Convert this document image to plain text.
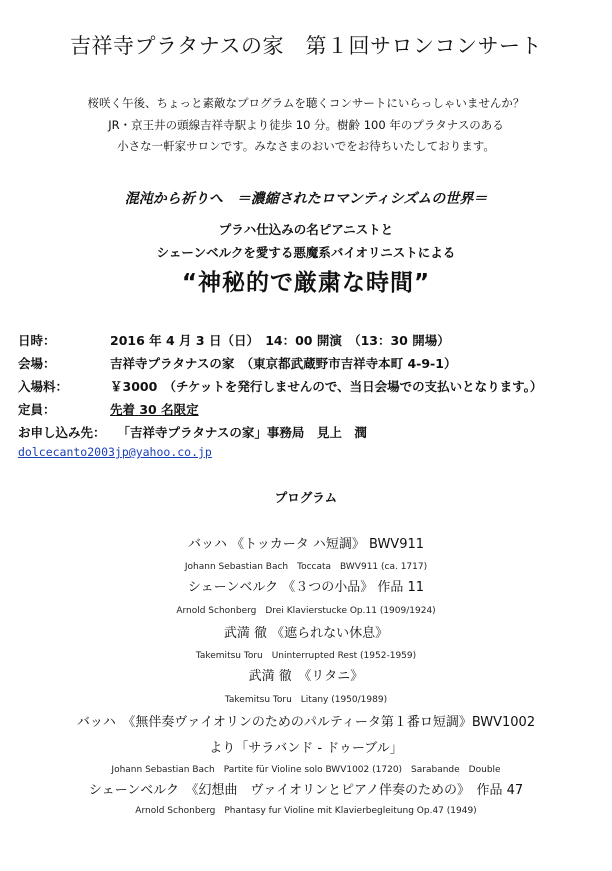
吉祥寺プラタナスの家　第１回サロンコンサート
桜咲く午後、ちょっと素敵なプログラムを聴くコンサートにいらっしゃいませんか？
JR・京王井の頭線吉祥寺駅より徒歩 10 分。樹齢 100 年のプラタナスのある
小さな一軒家サロンです。みなさまのおいでをお待ちいたしております。
混沌から祈りへ　＝濃縮されたロマンティシズムの世界＝
プラハ仕込みの名ピアニストと
シェーンベルクを愛する悪魔系バイオリニストによる
“神秘的で厳粛な時間”
日時：	2016 年 4 月 3 日（日）　14：00 開演　（13：30 開場）
会場：	吉祥寺プラタナスの家　（東京都武蔵野市吉祥寺本町 4-9-1）
入場料：	￥3000　（チケットを発行しませんので、当日会場での支払いとなります。）
定員：	先着 30 名限定
お申し込み先： 「吉祥寺プラタナスの家」事務局　見上　潤
dolcecanto2003jp@yahoo.co.jp
プログラム
バッハ 《トッカータ ハ短調》 BWV911
Johann Sebastian Bach　Toccata　BWV911 (ca. 1717)
シェーンベルク 《３つの小品》 作品 11
Arnold Schonberg　Drei Klavierstucke Op.11 (1909/1924)
武満 徹 《遮られない休息》
Takemitsu Toru　Uninterrupted Rest (1952-1959)
武満 徹　《リタニ》
Takemitsu Toru　Litany (1950/1989)
バッハ　《無伴奏ヴァイオリンのためのパルティータ第１番ロ短調》BWV1002
より「サラバンド - ドゥーブル」
Johann Sebastian Bach　Partite für Violine solo BWV1002 (1720)　Sarabande　Double
シェーンベルク　《幻想曲　ヴァイオリンとピアノ伴奏のための》　作品 47
Arnold Schonberg　Phantasy fur Violine mit Klavierbegleitung Op.47 (1949)
